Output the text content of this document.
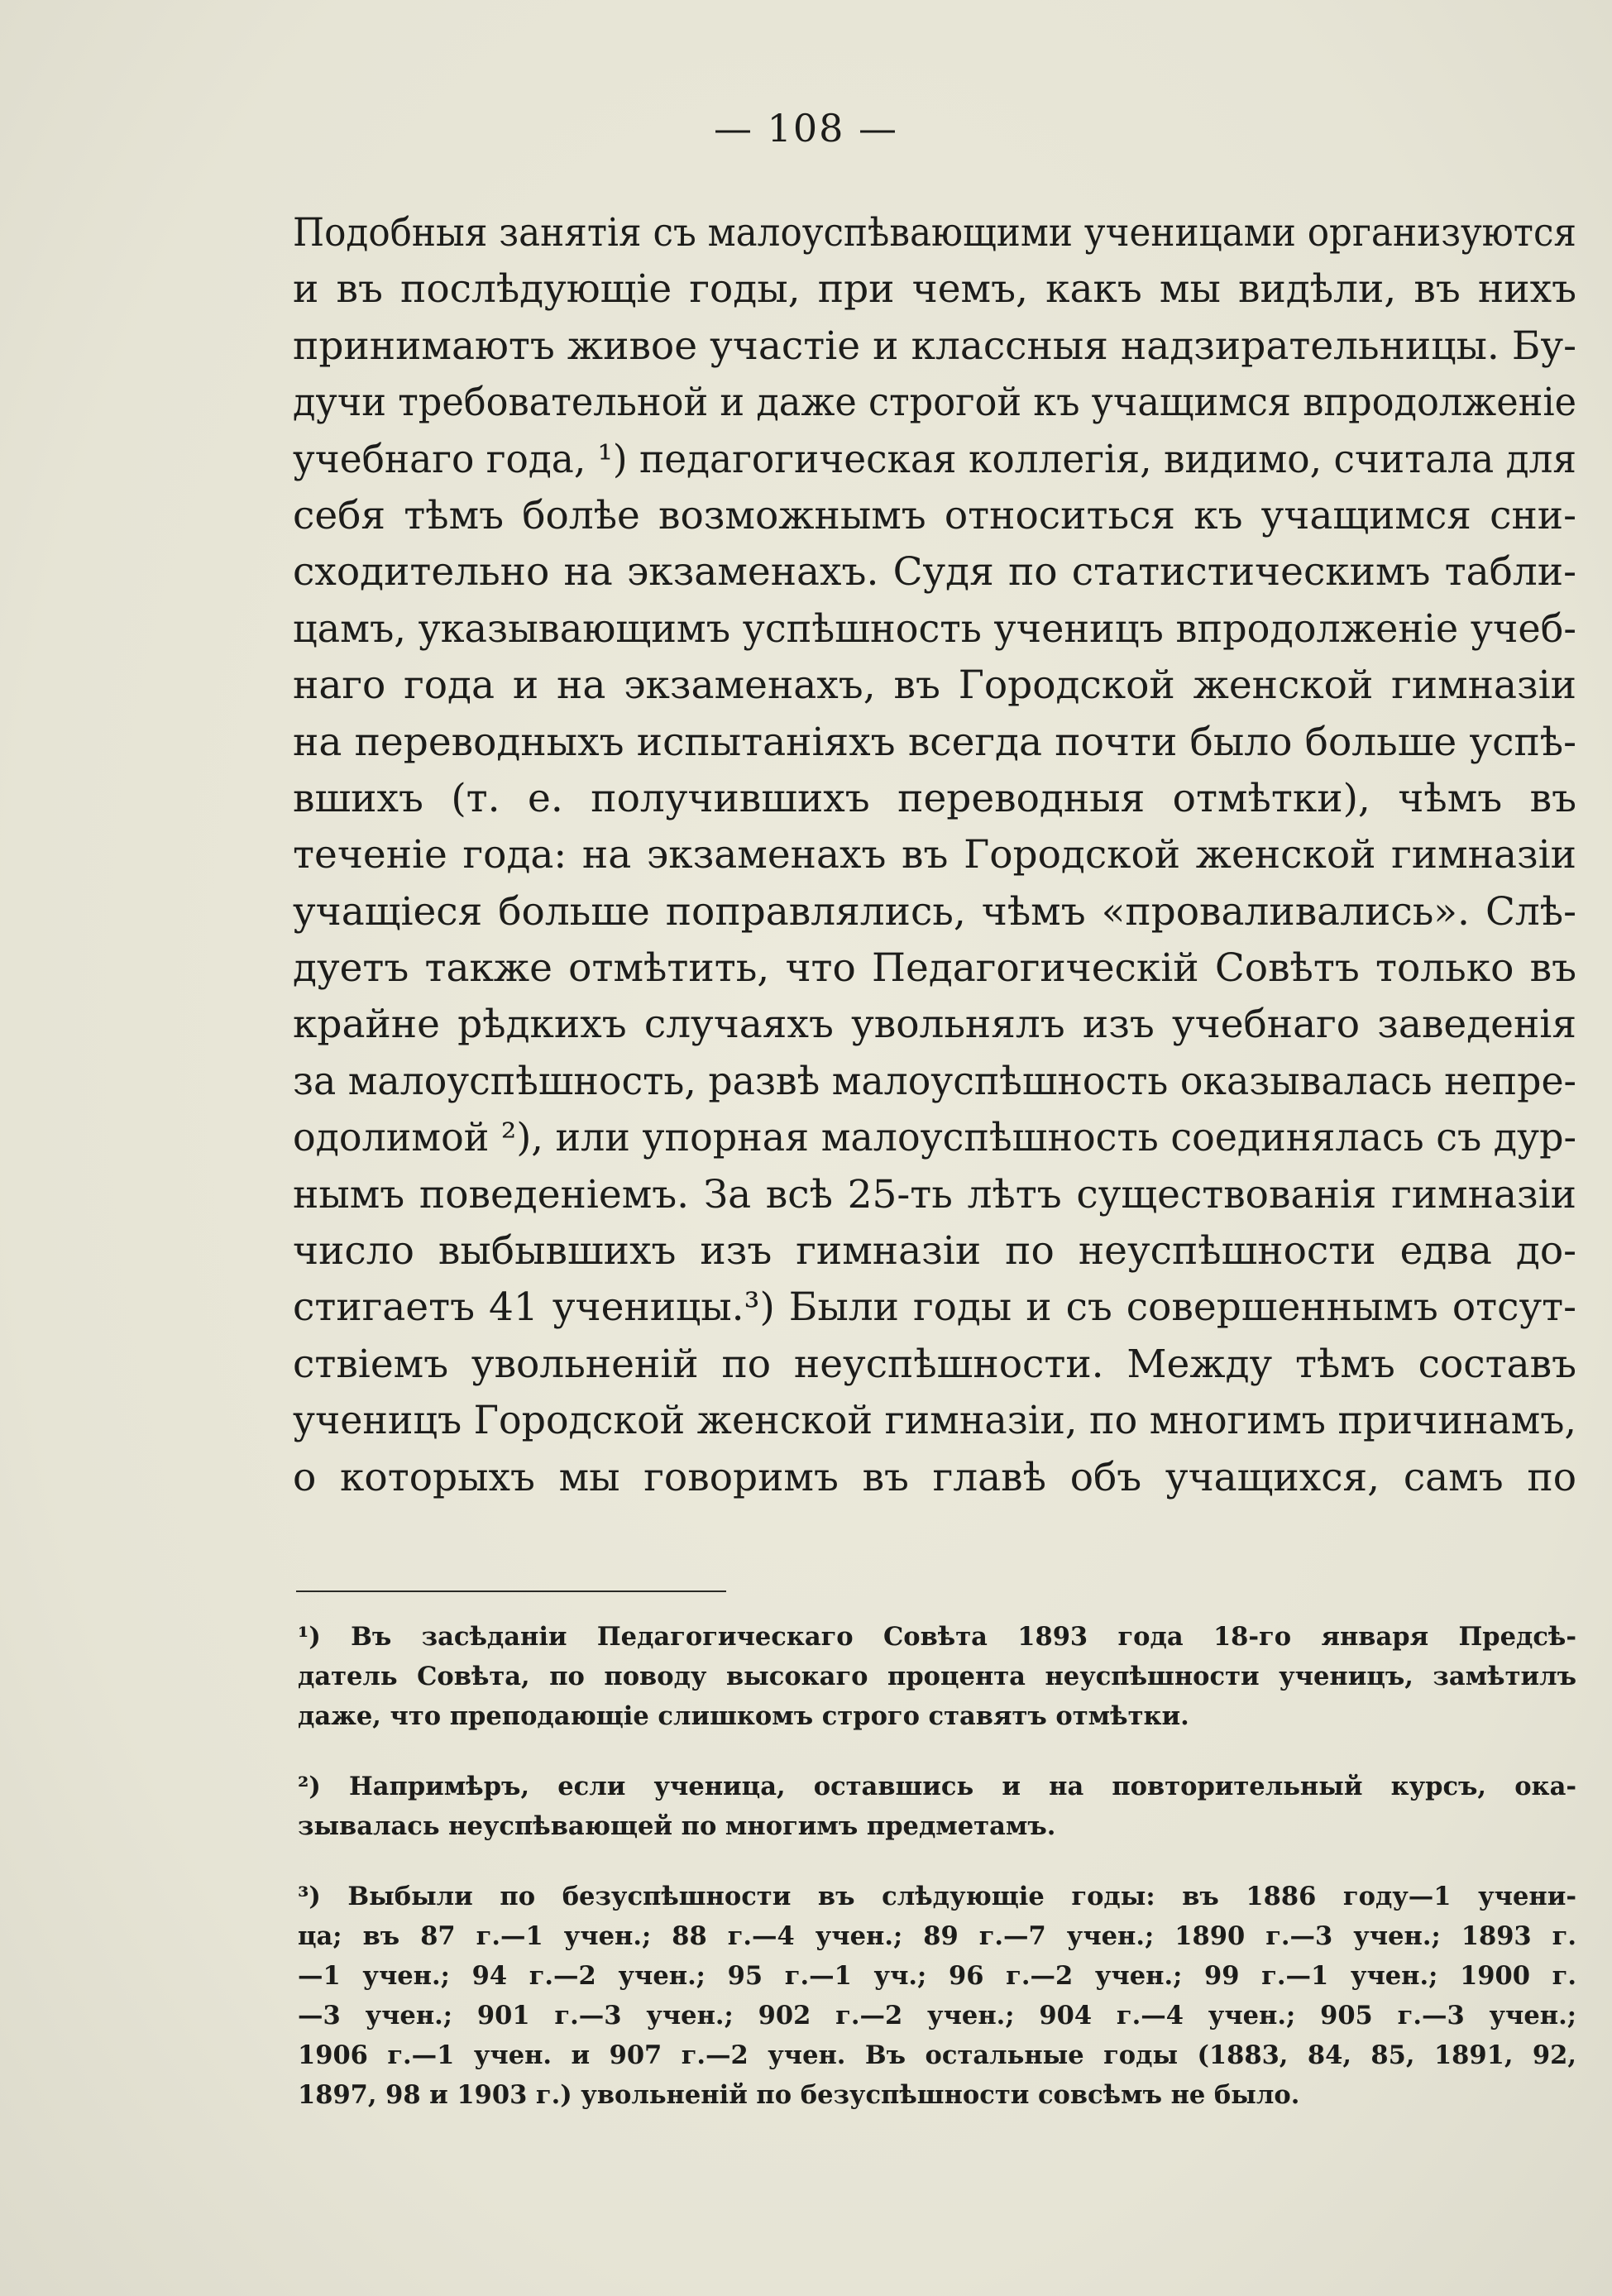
— 108 —
Подобныя занятія съ малоуспѣвающими ученицами организуются
и въ послѣдующіе годы, при чемъ, какъ мы видѣли, въ нихъ
принимаютъ живое участіе и классныя надзирательницы. Бу-
дучи требовательной и даже строгой къ учащимся впродолженіе
учебнаго года, ¹) педагогическая коллегія, видимо, считала для
себя тѣмъ болѣе возможнымъ относиться къ учащимся сни-
сходительно на экзаменахъ. Судя по статистическимъ табли-
цамъ, указывающимъ успѣшность ученицъ впродолженіе учеб-
наго года и на экзаменахъ, въ Городской женской гимназіи
на переводныхъ испытаніяхъ всегда почти было больше успѣ-
вшихъ (т. е. получившихъ переводныя отмѣтки), чѣмъ въ
теченіе года: на экзаменахъ въ Городской женской гимназіи
учащіеся больше поправлялись, чѣмъ «проваливались». Слѣ-
дуетъ также отмѣтить, что Педагогическій Совѣтъ только въ
крайне рѣдкихъ случаяхъ увольнялъ изъ учебнаго заведенія
за малоуспѣшность, развѣ малоуспѣшность оказывалась непре-
одолимой ²), или упорная малоуспѣшность соединялась съ дур-
нымъ поведеніемъ. За всѣ 25-ть лѣтъ существованія гимназіи
число выбывшихъ изъ гимназіи по неуспѣшности едва до-
стигаетъ 41 ученицы.³) Были годы и съ совершеннымъ отсут-
ствіемъ увольненій по неуспѣшности. Между тѣмъ составъ
ученицъ Городской женской гимназіи, по многимъ причинамъ,
о которыхъ мы говоримъ въ главѣ объ учащихся, самъ по
¹) Въ засѣданіи Педагогическаго Совѣта 1893 года 18-го января Предсѣ-
датель Совѣта, по поводу высокаго процента неуспѣшности ученицъ, замѣтилъ
даже, что преподающіе слишкомъ строго ставятъ отмѣтки.
²) Напримѣръ, если ученица, оставшись и на повторительный курсъ, ока-
зывалась неуспѣвающей по многимъ предметамъ.
³) Выбыли по безуспѣшности въ слѣдующіе годы: въ 1886 году—1 учени-
ца; въ 87 г.—1 учен.; 88 г.—4 учен.; 89 г.—7 учен.; 1890 г.—3 учен.; 1893 г.
—1 учен.; 94 г.—2 учен.; 95 г.—1 уч.; 96 г.—2 учен.; 99 г.—1 учен.; 1900 г.
—3 учен.; 901 г.—3 учен.; 902 г.—2 учен.; 904 г.—4 учен.; 905 г.—3 учен.;
1906 г.—1 учен. и 907 г.—2 учен. Въ остальные годы (1883, 84, 85, 1891, 92,
1897, 98 и 1903 г.) увольненій по безуспѣшности совсѣмъ не было.
